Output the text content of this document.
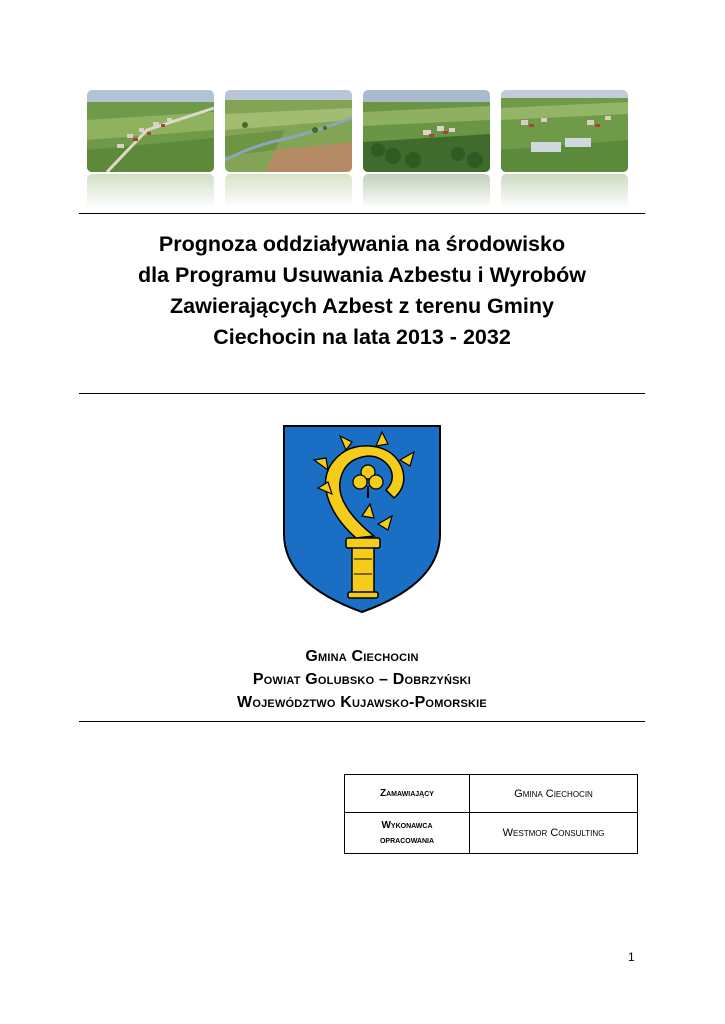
Prognoza oddziaływania na środowisko
dla Programu Usuwania Azbestu i Wyrobów
Zawierających Azbest z terenu Gminy
Ciechocin na lata 2013 - 2032
Gmina Ciechocin
Powiat Golubsko – Dobrzyński
Województwo Kujawsko-Pomorskie
Zamawiający	Gmina Ciechocin
Wykonawca
opracowania	Westmor Consulting
1
